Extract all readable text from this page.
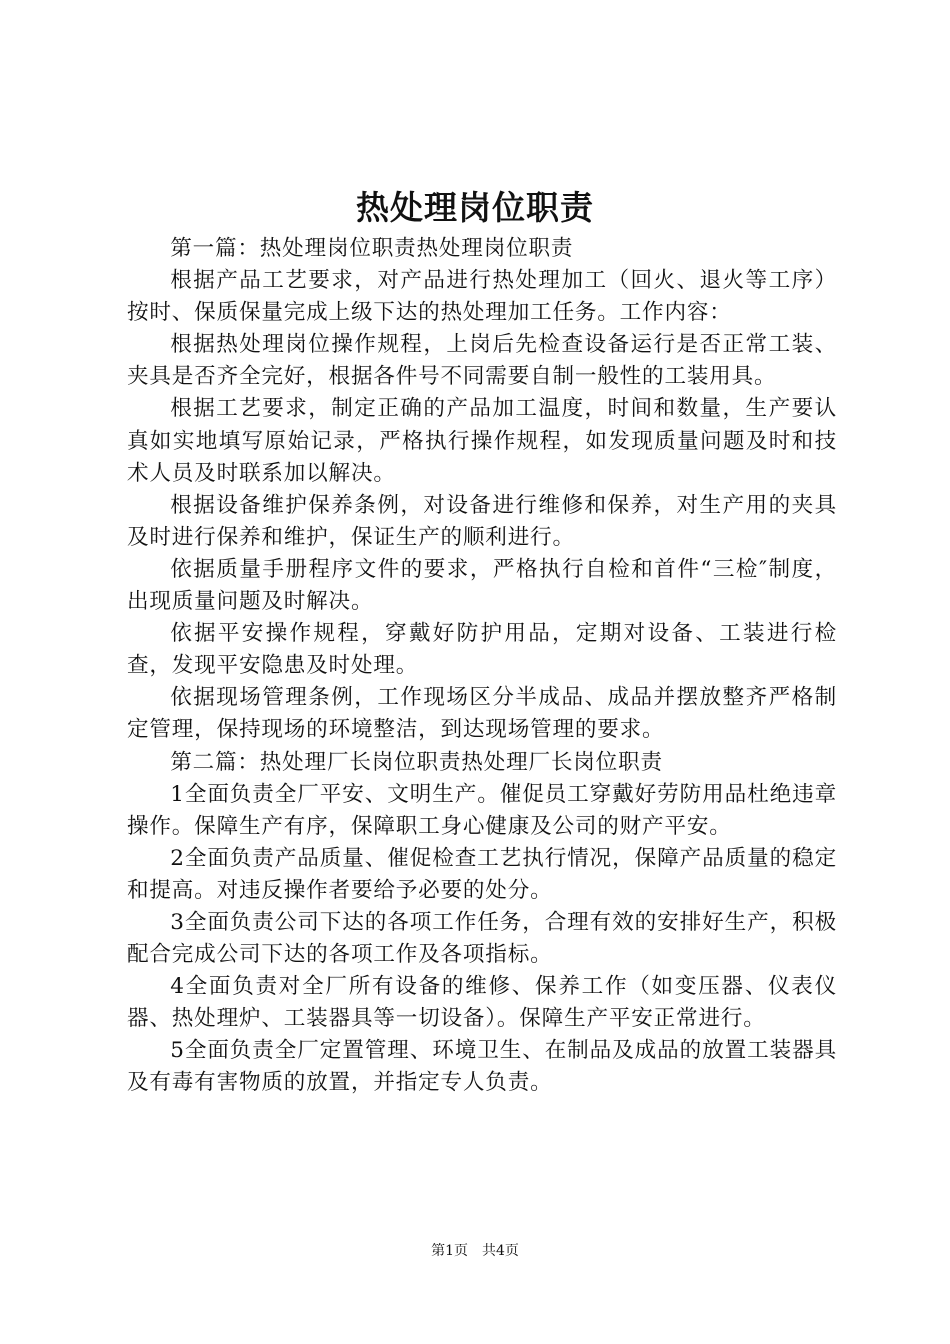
热处理岗位职责

第一篇：热处理岗位职责热处理岗位职责

根据产品工艺要求，对产品进行热处理加工（回火、退火等工序）按时、保质保量完成上级下达的热处理加工任务。工作内容：

根据热处理岗位操作规程，上岗后先检查设备运行是否正常工装、夹具是否齐全完好，根据各件号不同需要自制一般性的工装用具。

根据工艺要求，制定正确的产品加工温度，时间和数量，生产要认真如实地填写原始记录，严格执行操作规程，如发现质量问题及时和技术人员及时联系加以解决。

根据设备维护保养条例，对设备进行维修和保养，对生产用的夹具及时进行保养和维护，保证生产的顺利进行。

依据质量手册程序文件的要求，严格执行自检和首件“三检″制度，出现质量问题及时解决。

依据平安操作规程，穿戴好防护用品，定期对设备、工装进行检查，发现平安隐患及时处理。

依据现场管理条例，工作现场区分半成品、成品并摆放整齐严格制定管理，保持现场的环境整洁，到达现场管理的要求。

第二篇：热处理厂长岗位职责热处理厂长岗位职责

1全面负责全厂平安、文明生产。催促员工穿戴好劳防用品杜绝违章操作。保障生产有序，保障职工身心健康及公司的财产平安。

2全面负责产品质量、催促检查工艺执行情况，保障产品质量的稳定和提高。对违反操作者要给予必要的处分。

3全面负责公司下达的各项工作任务，合理有效的安排好生产，积极配合完成公司下达的各项工作及各项指标。

4全面负责对全厂所有设备的维修、保养工作（如变压器、仪表仪器、热处理炉、工装器具等一切设备）。保障生产平安正常进行。

5全面负责全厂定置管理、环境卫生、在制品及成品的放置工装器具及有毒有害物质的放置，并指定专人负责。

第1页 共4页
